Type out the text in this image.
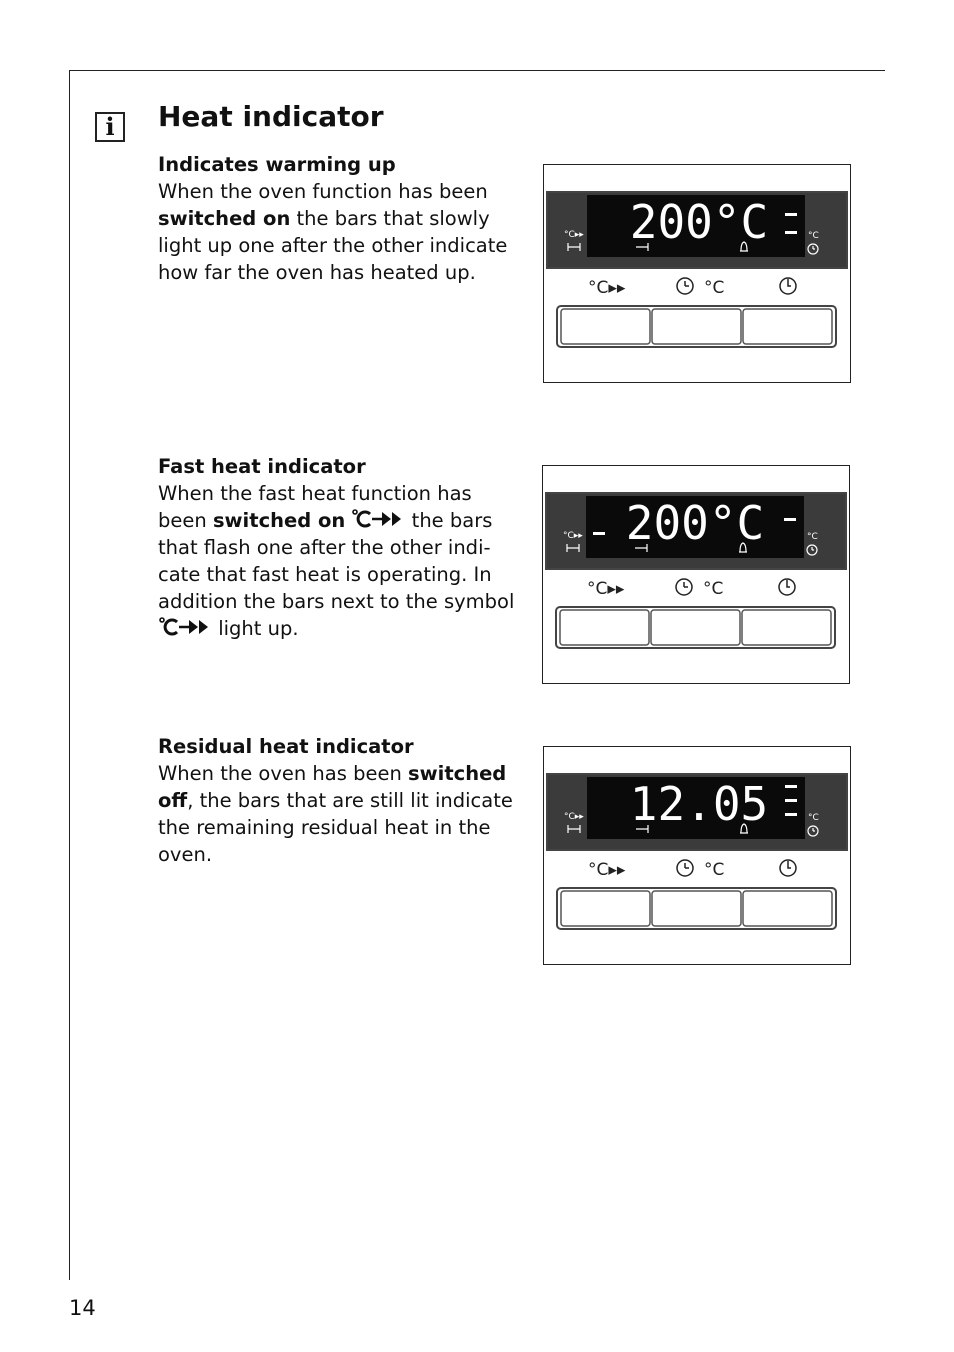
i	Heat indicator
Indicates warming up

When the oven function has been switched on the bars that slowly light up one after the other indicate how far the oven has heated up.

Fast heat indicator

When the fast heat function has been switched on	the bars that flash one after the other indi- cate that fast heat is operating. In addition the bars next to the symbol  light up.

Residual heat indicator

When the oven has been switched off, the bars that are still lit indicate the remaining residual heat in the oven.

200°C
°C▸▸	°C
°C▸▸	°C
200°C
°C▸▸	°C
°C▸▸	°C
12.05
°C▸▸	°C
°C▸▸	°C
14
